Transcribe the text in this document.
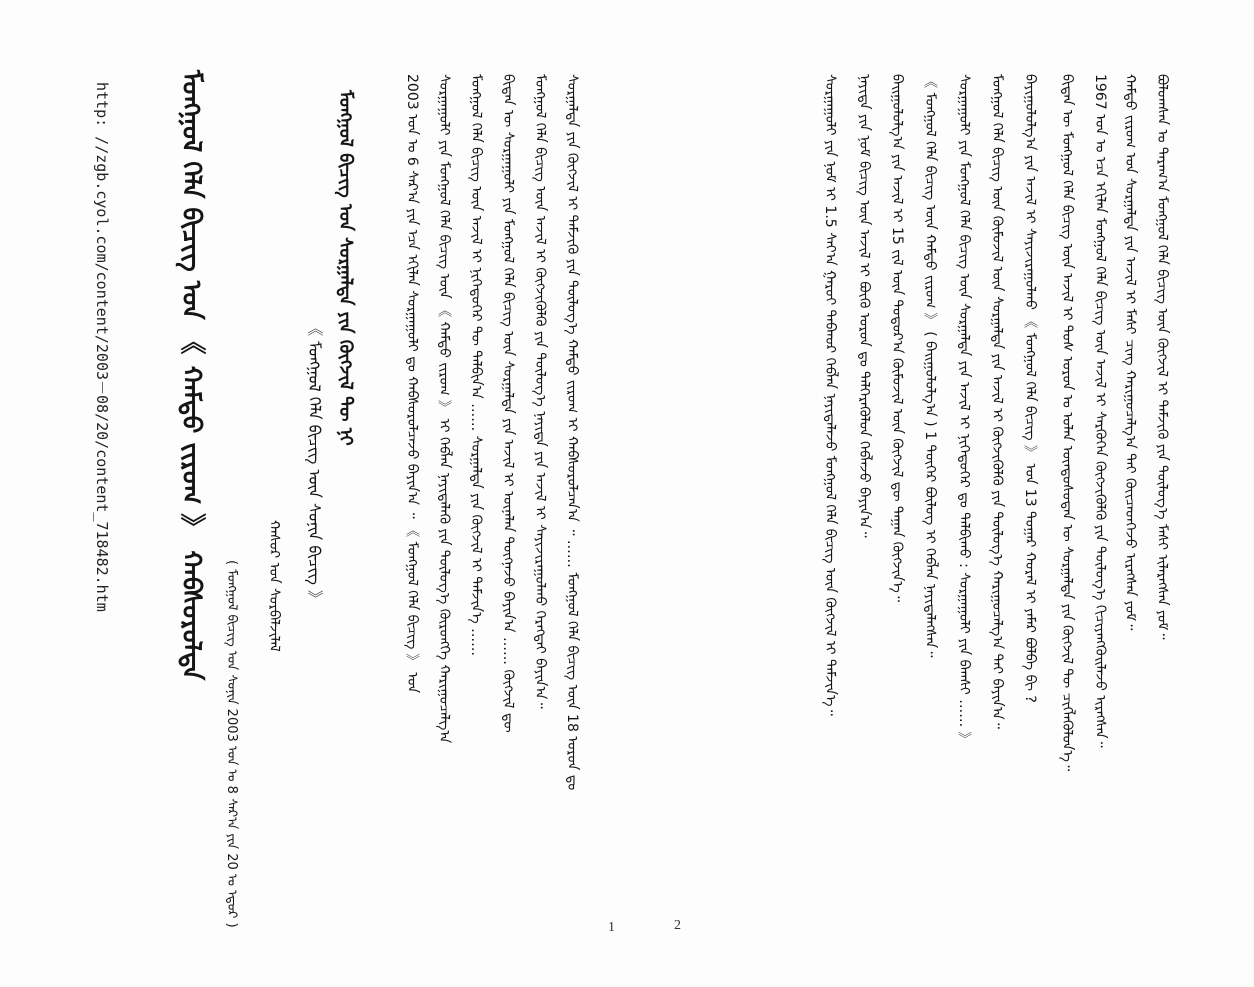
ᠪᠣᠯᠣᠭᠰᠠᠨ ᠤ ᠳᠠᠷᠠᠭ᠎ᠠ ᠮᠣᠩᠭᠣᠯ ᠬᠡᠯᠡ ᠪᠢᠴᠢᠭ ᠦᠨ ᠬᠥᠭᠵᠢᠯ ᠢ ᠳᠡᠮᠵᠢᠬᠦ ᠶᠢᠨ ᠲᠥᠯᠥᠭ᠎ᠡ ᠮᠠᠰᠢ ᠢᠯᠡᠷᠡᠭᠰᠡᠨ ᠶᠤᠮ᠃
ᠬᠠᠮᠲᠤ ᠵᠢᠷᠤᠭ ᠤᠨ ᠰᠤᠷᠭᠠᠯᠲᠠ ᠶᠢᠨ ᠠᠵᠢᠯ ᠢ ᠮᠠᠰᠢ ᠴᠢᠩ ᠬᠠᠷᠢᠭᠤᠴᠠᠯᠭ᠎ᠠ ᠲᠠᠢ ᠭᠦᠢᠴᠡᠳᠬᠡᠵᠦ ᠢᠷᠡᠭᠰᠡᠨ ᠶᠤᠮ᠃
1967 ᠣᠨ ᠤ ᠡᠴᠡ ᠡᠬᠢᠯᠡᠨ ᠮᠣᠩᠭᠣᠯ ᠬᠡᠯᠡ ᠪᠢᠴᠢᠭ ᠦᠨ ᠠᠵᠢᠯ ᠢ ᠰᠡᠷᠭᠦᠭᠡᠨ ᠬᠥᠭᠵᠢᠭᠦᠯᠬᠦ ᠶᠢᠨ ᠲᠥᠯᠥᠭ᠎ᠡ ᠬᠢᠴᠢᠶᠡᠩᠭᠦᠢᠯᠡᠵᠦ ᠢᠷᠡᠭᠰᠡᠨ᠃
ᠪᠢᠳᠡᠨ ᠦ ᠮᠣᠩᠭᠣᠯ ᠬᠡᠯᠡ ᠪᠢᠴᠢᠭ ᠦᠨ ᠠᠵᠢᠯ ᠢ ᠲᠤᠰ ᠣᠷᠣᠨ ᠤ ᠣᠯᠠᠨ ᠦᠨᠳᠦᠰᠦᠲᠡᠨ ᠦ ᠰᠤᠷᠭᠠᠯᠲᠠ ᠶᠢᠨ ᠬᠥᠭᠵᠢᠯ ᠲᠦ ᠴᠢᠭᠯᠡᠭᠦᠯᠦᠨ᠎ᠡ᠃
ᠪᠠᠶᠢᠭᠤᠯᠤᠯᠭ᠎ᠠ ᠶᠢᠨ ᠠᠵᠢᠯ ᠢ ᠰᠠᠶᠢᠵᠢᠷᠠᠭᠤᠯᠬᠤ 《 ᠮᠣᠩᠭᠣᠯ ᠬᠡᠯᠡ ᠪᠢᠴᠢᠭ 》 ᠤᠨ 13 ᠳᠤᠭᠠᠷ ᠬᠤᠷᠠᠯ ᠢ ᠶᠠᠮᠠᠷ ᠪᠣᠯᠪᠠ ᠪᠢ ?
ᠮᠣᠩᠭᠣᠯ ᠬᠡᠯᠡ ᠪᠢᠴᠢᠭ ᠦᠨ ᠬᠦᠮᠦᠵᠢᠯ ᠦᠨ ᠰᠤᠷᠭᠠᠯᠲᠠ ᠶᠢᠨ ᠠᠵᠢᠯ ᠢ ᠬᠥᠭᠵᠢᠭᠦᠯᠬᠦ ᠶᠢᠨ ᠲᠥᠯᠥᠭ᠎ᠡ ᠬᠠᠷᠢᠭᠤᠴᠠᠯᠭ᠎ᠠ ᠲᠠᠢ ᠪᠠᠶᠢᠨ᠎ᠠ᠃
ᠰᠤᠷᠭᠠᠭᠤᠯᠢ ᠶᠢᠨ ᠮᠣᠩᠭᠣᠯ ᠬᠡᠯᠡ ᠪᠢᠴᠢᠭ ᠦᠨ ᠰᠤᠷᠭᠠᠯᠲᠠ ᠶᠢᠨ ᠠᠵᠢᠯ ᠢ ᠨᠢᠭᠡᠳᠦᠭᠡᠷ ᠳᠤ ᠲᠠᠯᠪᠢᠬᠤ : ᠰᠤᠷᠭᠠᠭᠤᠯᠢ ᠶᠢᠨ ᠪᠠᠭᠰᠢ …… 》
《 ᠮᠣᠩᠭᠣᠯ ᠬᠡᠯᠡ ᠪᠢᠴᠢᠭ ᠦᠨ ᠬᠠᠮᠲᠤ ᠵᠢᠷᠤᠭ 》 ( ᠪᠠᠢᠭᠤᠯᠤᠯᠭ᠎ᠠ ) 1 ᠳᠦᠭᠡᠷ ᠪᠦᠯᠦᠭ ᠢ ᠬᠡᠪᠯᠡᠨ ᠨᠡᠶᠢᠲᠡᠯᠡᠭᠰᠡᠨ᠃
ᠪᠠᠢᠭᠤᠯᠤᠯᠭ᠎ᠠ ᠶᠢᠨ ᠠᠵᠢᠯ ᠢ 15 ᠵᠢᠯ ᠦᠨ ᠳᠤᠲᠤᠷ᠎ᠠ ᠬᠦᠮᠦᠵᠢᠯ ᠦᠨ ᠬᠥᠭᠵᠢᠯ ᠳᠦ ᠳᠠᠭᠠᠨ ᠬᠥᠭᠵᠢᠨ᠎ᠡ᠃
ᠨᠡᠶᠢᠲᠡ ᠶᠢᠨ ᠨᠣᠮ ᠪᠢᠴᠢᠭ ᠦᠨ ᠠᠵᠢᠯ ᠢ ᠪᠦᠬᠦ ᠣᠷᠣᠨ ᠳᠤ ᠳᠡᠯᠭᠡᠷᠡᠭᠦᠯᠦᠨ ᠬᠡᠪᠯᠡᠵᠦ ᠪᠠᠶᠢᠨ᠎ᠠ᠃
ᠰᠤᠷᠭᠠᠭᠤᠯᠢ ᠶᠢᠨ ᠨᠣᠮ ᠢ 1.5 ᠰᠠᠶ᠎ᠠ ᠭᠠᠷᠤᠢ ᠳᠠᠪᠬᠤᠷ ᠬᠡᠪᠯᠡᠨ ᠨᠡᠶᠢᠲᠡᠯᠡᠵᠦ ᠮᠣᠩᠭᠣᠯ ᠬᠡᠯᠡ ᠪᠢᠴᠢᠭ ᠦᠨ ᠬᠥᠭᠵᠢᠯ ᠢ ᠳᠡᠮᠵᠢᠨ᠎ᠡ᠃
ᠰᠤᠷᠭᠠᠯᠲᠠ ᠶᠢᠨ ᠬᠥᠭᠵᠢᠯ ᠢ ᠳᠡᠮᠵᠢᠬᠦ ᠶᠢᠨ ᠲᠥᠯᠥᠭ᠎ᠡ ᠬᠠᠮᠲᠤ ᠵᠢᠷᠤᠭ ᠢ ᠬᠠᠪᠰᠤᠷᠤᠯᠴᠠᠨ᠎ᠠ ᠃ …… ᠮᠣᠩᠭᠣᠯ ᠬᠡᠯᠡ ᠪᠢᠴᠢᠭ ᠦᠨ 18 ᠣᠷᠣᠨ ᠳᠤ
ᠮᠣᠩᠭᠣᠯ ᠬᠡᠯᠡ ᠪᠢᠴᠢᠭ ᠦᠨ ᠠᠵᠢᠯ ᠢ ᠬᠥᠭᠵᠢᠭᠦᠯᠬᠦ ᠶᠢᠨ ᠲᠥᠯᠥᠭ᠎ᠡ ᠨᠡᠶᠢᠲᠡ ᠶᠢᠨ ᠠᠵᠢᠯ ᠢ ᠰᠠᠶᠢᠵᠢᠷᠠᠭᠤᠯᠬᠤ ᠬᠡᠷᠡᠭᠲᠡᠢ ᠪᠠᠶᠢᠨ᠎ᠠ᠃
ᠪᠢᠳᠡᠨ ᠦ ᠰᠤᠷᠭᠠᠭᠤᠯᠢ ᠶᠢᠨ ᠮᠣᠩᠭᠣᠯ ᠬᠡᠯᠡ ᠪᠢᠴᠢᠭ ᠦᠨ ᠰᠤᠷᠭᠠᠯᠲᠠ ᠶᠢᠨ ᠠᠵᠢᠯ ᠢ ᠦᠨᠡᠯᠡᠨ ᠳᠦᠭᠨᠡᠵᠦ ᠪᠠᠶᠢᠨ᠎ᠠ …… ᠬᠥᠭᠵᠢᠯ ᠳᠦ
ᠮᠣᠩᠭᠣᠯ ᠬᠡᠯᠡ ᠪᠢᠴᠢᠭ ᠦᠨ ᠠᠵᠢᠯ ᠢ ᠨᠢᠭᠡᠳᠦᠭᠡᠷ ᠲᠦ ᠲᠠᠯᠪᠢᠨ᠎ᠠ …… ᠰᠤᠷᠭᠠᠯᠲᠠ ᠶᠢᠨ ᠬᠥᠭᠵᠢᠯ ᠢ ᠳᠡᠮᠵᠢᠨ᠎ᠡ ……
ᠰᠤᠷᠭᠠᠭᠤᠯᠢ ᠶᠢᠨ ᠮᠣᠩᠭᠣᠯ ᠬᠡᠯᠡ ᠪᠢᠴᠢᠭ ᠦᠨ 《 ᠬᠠᠮᠲᠤ ᠵᠢᠷᠤᠭ 》 ᠢ ᠬᠡᠪᠯᠡᠨ ᠨᠡᠶᠢᠲᠡᠯᠡᠬᠦ ᠶᠢᠨ ᠲᠥᠯᠥᠭ᠎ᠡ ᠬᠥᠷᠥᠩᠭᠡ ᠬᠠᠷᠢᠭᠤᠴᠠᠯᠭ᠎ᠠ
2003 ᠣᠨ ᠤ 6 ᠰᠠᠷ᠎ᠠ ᠶᠢᠨ ᠡᠴᠡ ᠡᠬᠢᠯᠡᠨ ᠰᠤᠷᠭᠠᠭᠤᠯᠢ ᠳᠤ ᠬᠠᠪᠰᠤᠷᠤᠯᠴᠠᠵᠤ ᠪᠠᠶᠢᠨ᠎ᠠ ᠃ 《 ᠮᠣᠩᠭᠣᠯ ᠬᠡᠯᠡ ᠪᠢᠴᠢᠭ 》 ᠤᠨ
( ᠮᠣᠩᠭᠣᠯ ᠪᠢᠴᠢᠭ ᠤᠨ ᠰᠣᠨᠢᠨ 2003 ᠣᠨ ᠤ 8 ᠰᠠᠷ᠎ᠠ ᠶᠢᠨ 20 ᠤ ᠡᠳᠦᠷ ) ᠬᠠᠰᠤᠷ ᠤᠨ ᠰᠤᠷᠪᠠᠯᠵᠢᠯᠠᠯ	《 ᠮᠣᠩᠭᠣᠯ ᠬᠡᠯᠡ ᠪᠢᠴᠢᠭ ᠦᠨ ᠰᠣᠨᠢᠨ ᠪᠢᠴᠢᠭ 》
ᠮᠣᠩᠭᠣᠯ ᠪᠢᠴᠢᠭ ᠤᠨ ᠰᠤᠷᠭᠠᠯᠲᠠ ᠶᠢᠨ ᠬᠥᠭᠵᠢᠯ ᠲᠦ ᠨᠢ
ᠮᠣᠩᠭᠣᠯ ᠬᠡᠯᠡ ᠪᠢᠴᠢᠭ ᠤᠨ 《 ᠬᠠᠮᠲᠤ ᠵᠢᠷᠤᠭ 》 ᠬᠠᠪᠰᠤᠷᠤᠯᠲᠠ
http: //zgb.cyol.com/content/2003－08/20/content_718482.htm
1	2
